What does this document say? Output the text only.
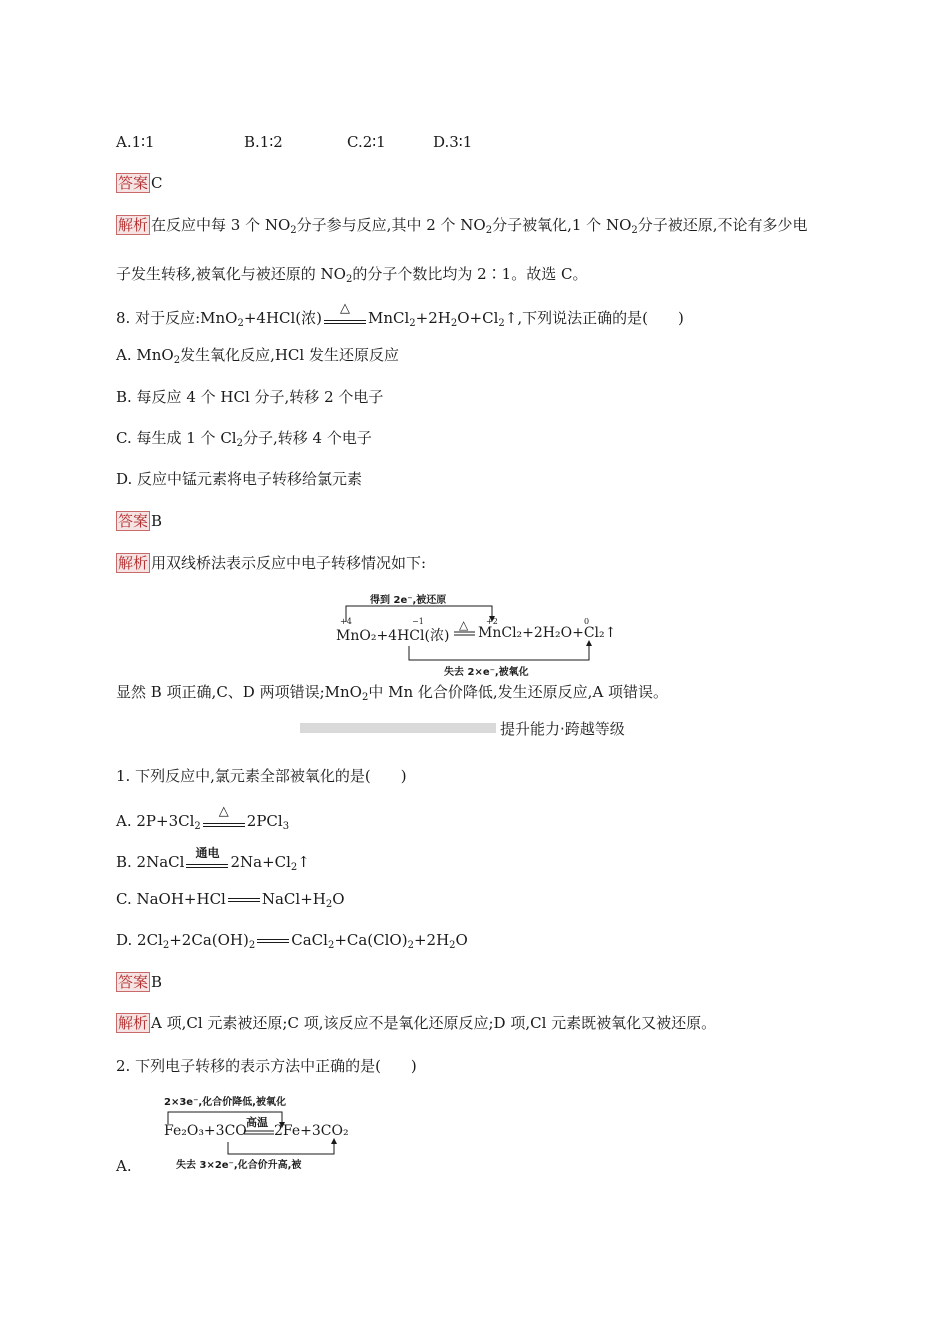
A.1∶1	B.1∶2	C.2∶1	D.3∶1
答案 C
解析 在反应中每 3 个 $NO_2$分子参与反应,其中 2 个 $NO_2$分子被氧化,1 个 $NO_2$分子被还原,不论有多少电
子发生转移,被氧化与被还原的 $NO_2$的分子个数比均为 2∶1。故选 C。
8. 对于反应:MnO$_2$+4HCl(浓)
△
$MnCl_2+2H_2O+Cl_2↑$,下列说法正确的是(　　)
A. MnO$_2$发生氧化反应,HCl 发生还原反应
B. 每反应 4 个 HCl 分子,转移 2 个电子
C. 每生成 1 个 $Cl_2$分子,转移 4 个电子
D. 反应中锰元素将电子转移给氯元素
答案 B
解析 用双线桥法表示反应中电子转移情况如下:
得到 2e⁻,被还原
+4	−1	+2	0
MnO₂+4HCl(浓)
△ MnCl₂+2H₂O+Cl₂↑
失去 2×e⁻,被氧化
显然 B 项正确,C、D 两项错误;MnO$_2$中 Mn 化合价降低,发生还原反应,A 项错误。
提升能力·跨越等级
1. 下列反应中,氯元素全部被氧化的是(　　)
A. $2P+3Cl_2$
△
2PCl$_3$
B. 2NaCl 通电 $2Na+Cl_2↑$
C. NaOH+HCl $NaCl+H_2O$
D. $2Cl_2+2Ca(OH)_2$ $CaCl_2+Ca(ClO)_2+2H_2O$
答案 B
解析 A 项,Cl 元素被还原;C 项,该反应不是氧化还原反应;D 项,Cl 元素既被氧化又被还原。
2. 下列电子转移的表示方法中正确的是(　　)
2×3e⁻,化合价降低,被氧化
Fe₂O₃+3CO
高温
2Fe+3CO₂
失去 3×2e⁻,化合价升高,被
A.
